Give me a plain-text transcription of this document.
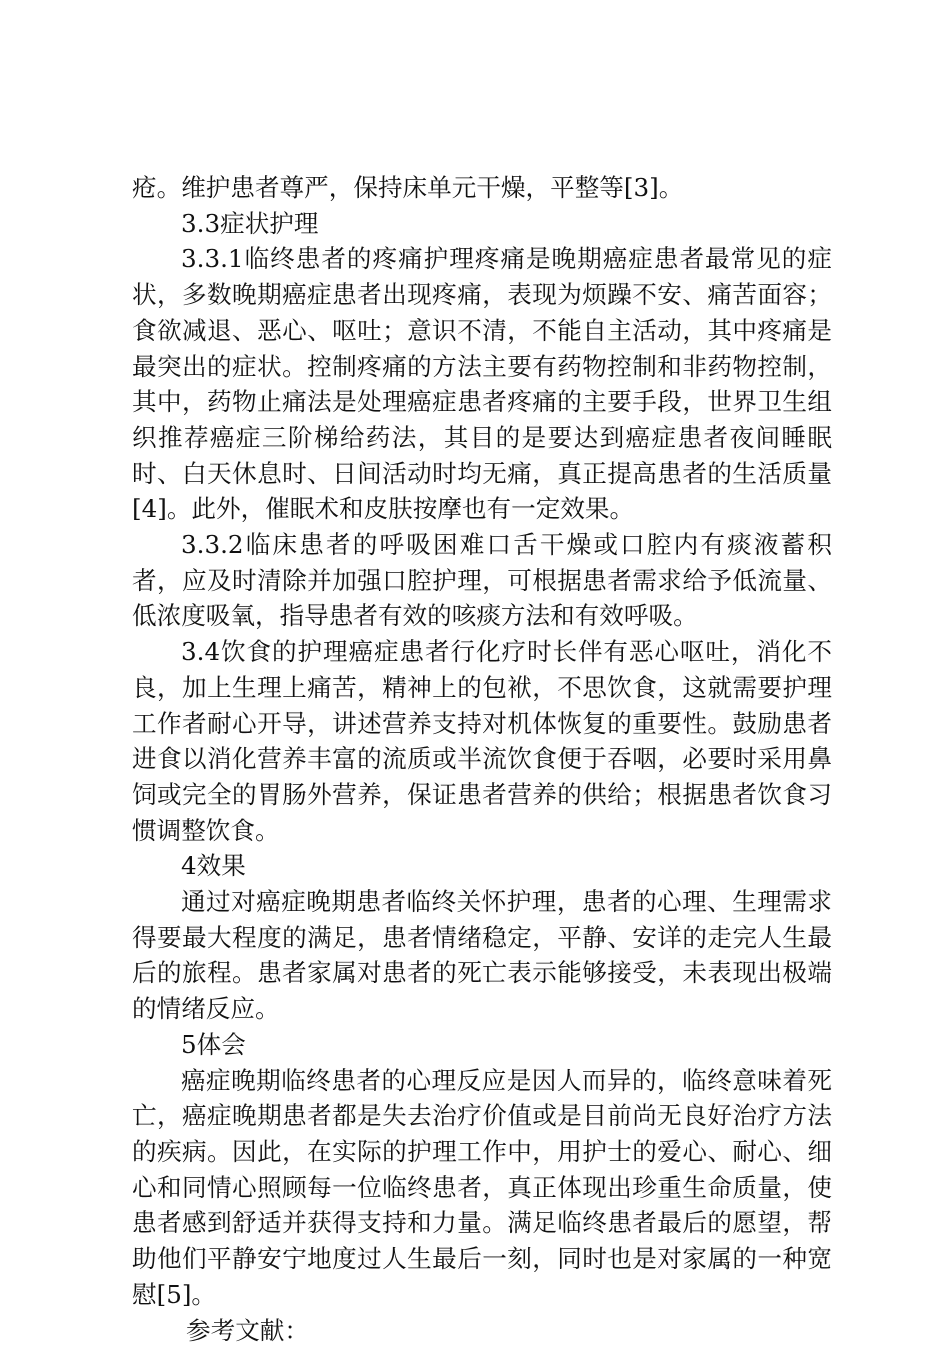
疮。维护患者尊严，保持床单元干燥，平整等[3]。

3.3症状护理

3.3.1临终患者的疼痛护理疼痛是晚期癌症患者最常见的症状，多数晚期癌症患者出现疼痛，表现为烦躁不安、痛苦面容；食欲减退、恶心、呕吐；意识不清，不能自主活动，其中疼痛是最突出的症状。控制疼痛的方法主要有药物控制和非药物控制，其中，药物止痛法是处理癌症患者疼痛的主要手段，世界卫生组织推荐癌症三阶梯给药法，其目的是要达到癌症患者夜间睡眠时、白天休息时、日间活动时均无痛，真正提高患者的生活质量[4]。此外，催眠术和皮肤按摩也有一定效果。

3.3.2临床患者的呼吸困难口舌干燥或口腔内有痰液蓄积者，应及时清除并加强口腔护理，可根据患者需求给予低流量、低浓度吸氧，指导患者有效的咳痰方法和有效呼吸。

3.4饮食的护理癌症患者行化疗时长伴有恶心呕吐，消化不良，加上生理上痛苦，精神上的包袱，不思饮食，这就需要护理工作者耐心开导，讲述营养支持对机体恢复的重要性。鼓励患者进食以消化营养丰富的流质或半流饮食便于吞咽，必要时采用鼻饲或完全的胃肠外营养，保证患者营养的供给；根据患者饮食习惯调整饮食。

4效果

通过对癌症晚期患者临终关怀护理，患者的心理、生理需求得要最大程度的满足，患者情绪稳定，平静、安详的走完人生最后的旅程。患者家属对患者的死亡表示能够接受，未表现出极端的情绪反应。

5体会

癌症晚期临终患者的心理反应是因人而异的，临终意味着死亡，癌症晚期患者都是失去治疗价值或是目前尚无良好治疗方法的疾病。因此，在实际的护理工作中，用护士的爱心、耐心、细心和同情心照顾每一位临终患者，真正体现出珍重生命质量，使患者感到舒适并获得支持和力量。满足临终患者最后的愿望，帮助他们平静安宁地度过人生最后一刻，同时也是对家属的一种宽慰[5]。

参考文献：
